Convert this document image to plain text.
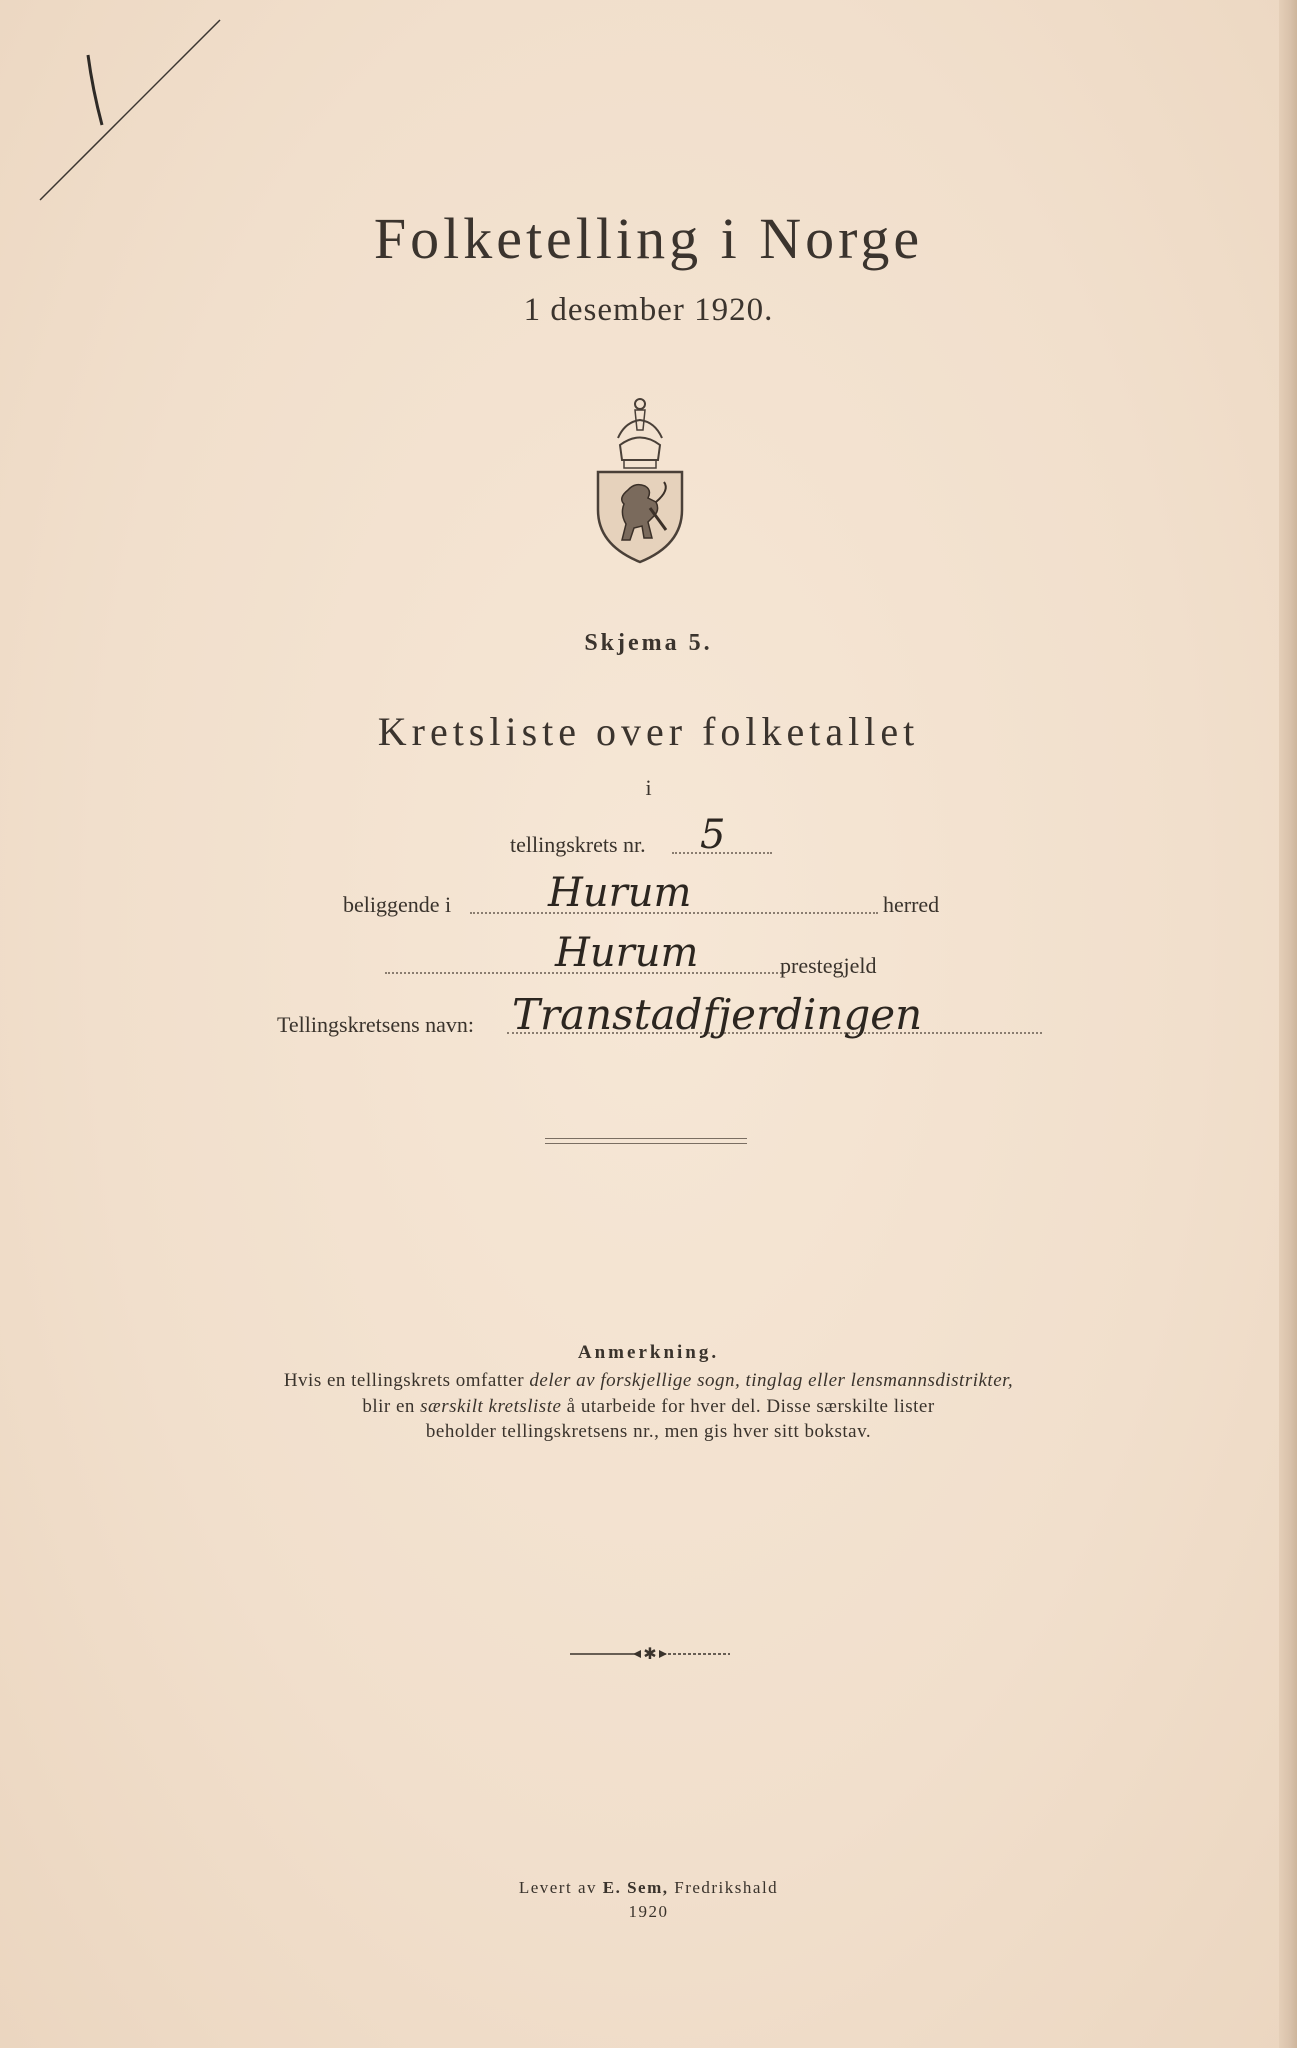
Folketelling i Norge
1 desember 1920.
Skjema 5.
Kretsliste over folketallet
i
tellingskrets nr. 5
beliggende i Hurum	herred
Hurum	prestegjeld
Tellingskretsens navn: Transtadfjerdingen
Anmerkning.
Hvis en tellingskrets omfatter deler av forskjellige sogn, tinglag eller lensmannsdistrikter,
blir en særskilt kretsliste å utarbeide for hver del. Disse særskilte lister
beholder tellingskretsens nr., men gis hver sitt bokstav.
✱
Levert av E. Sem, Fredrikshald
1920
